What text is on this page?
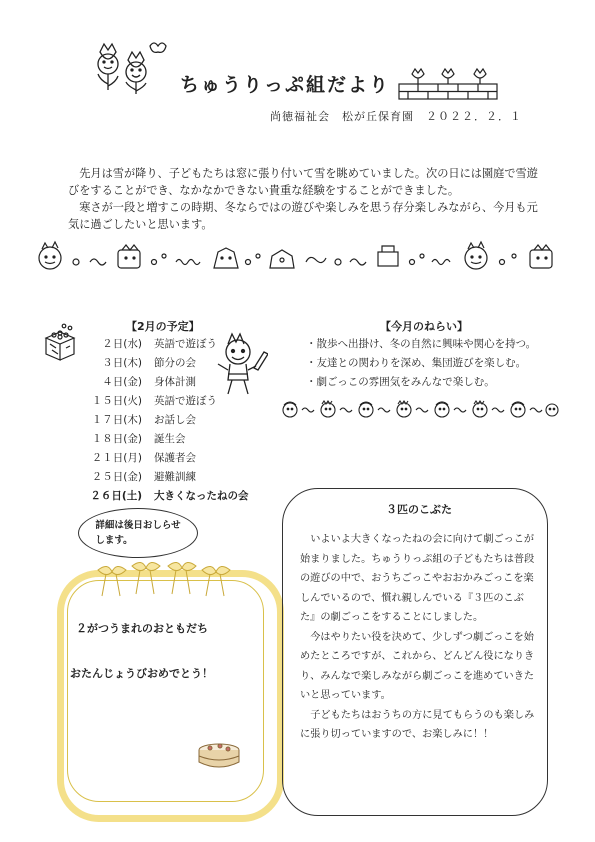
ちゅうりっぷ組だより
尚徳福祉会　松が丘保育園　２０２２．２．１

先月は雪が降り、子どもたちは窓に張り付いて雪を眺めていました。次の日には園庭で雪遊びをすることができ、なかなかできない貴重な経験をすることができました。

寒さが一段と増すこの時期、冬ならではの遊びや楽しみを思う存分楽しみながら、今月も元気に過ごしたいと思います。

【2月の予定】
２日(水)	英語で遊ぼう
３日(木)	節分の会
４日(金)	身体計測
１５日(火)	英語で遊ぼう
１７日(木)	お話し会
１８日(金)	誕生会
２１日(月)	保護者会
２５日(金)	避難訓練
２６日(土)	大きくなったねの会
【今月のねらい】
・散歩へ出掛け、冬の自然に興味や関心を持つ。
・友達との関わりを深め、集団遊びを楽しむ。
・劇ごっこの雰囲気をみんなで楽しむ。
詳細は後日おしらせ
します。
２がつうまれのおともだち
おたんじょうびおめでとう！
３匹のこぶた

いよいよ大きくなったねの会に向けて劇ごっこが始まりました。ちゅうりっぷ組の子どもたちは普段の遊びの中で、おうちごっこやおおかみごっこを楽しんでいるので、慣れ親しんでいる『３匹のこぶた』の劇ごっこをすることにしました。

今はやりたい役を決めて、少しずつ劇ごっこを始めたところですが、これから、どんどん役になりきり、みんなで楽しみながら劇ごっこを進めていきたいと思っています。

子どもたちはおうちの方に見てもらうのも楽しみに張り切っていますので、お楽しみに！！
